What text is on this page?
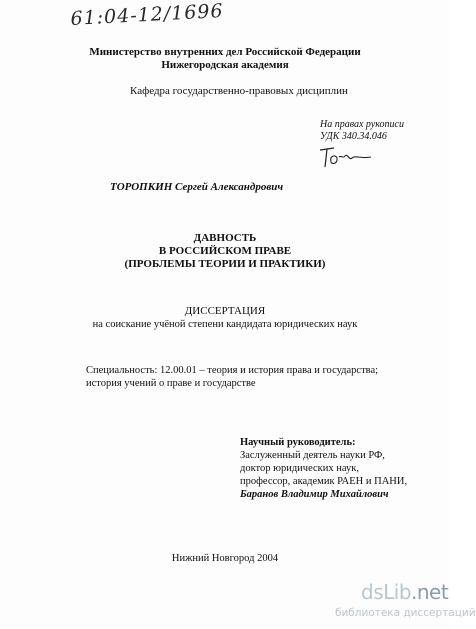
61:04-12/1696
Министерство внутренних дел Российской Федерации
Нижегородская академия
Кафедра государственно-правовых дисциплин
На правах рукописи
УДК 340.34.046
ТОРОПКИН Сергей Александрович
ДАВНОСТЬ
В РОССИЙСКОМ ПРАВЕ
(ПРОБЛЕМЫ ТЕОРИИ И ПРАКТИКИ)
ДИССЕРТАЦИЯ
на соискание учёной степени кандидата юридических наук
Специальность: 12.00.01 – теория и история права и государства;
история учений о праве и государстве
Научный руководитель:
Заслуженный деятель науки РФ,
доктор юридических наук,
профессор, академик РАЕН и ПАНИ,
Баранов Владимир Михайлович
Нижний Новгород 2004
dsLib.net
библиотека диссертаций
